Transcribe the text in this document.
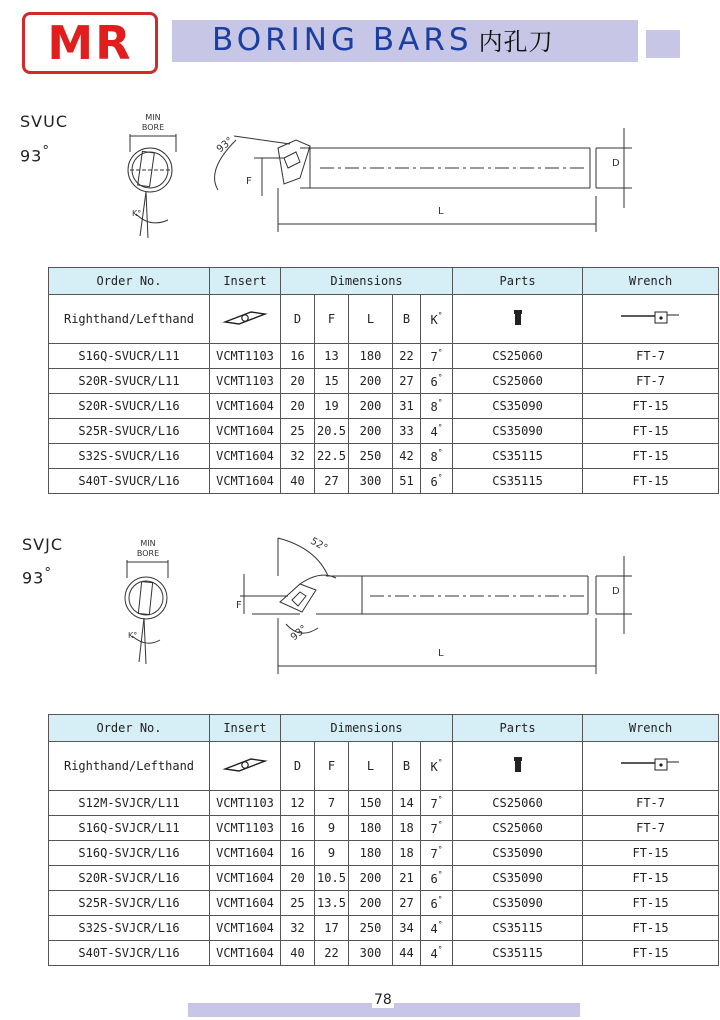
MR	BORING BARS 内孔刀
SVUC
93°
MIN
BORE
K°
93°
D
F
L
Order No.	Insert	Dimensions					Parts	Wrench
Righthand/Lefthand		D	F	L	B	K°		
S16Q-SVUCR/L11	VCMT1103	16	13	180	22	7°	CS25060	FT-7
S20R-SVUCR/L11	VCMT1103	20	15	200	27	6°	CS25060	FT-7
S20R-SVUCR/L16	VCMT1604	20	19	200	31	8°	CS35090	FT-15
S25R-SVUCR/L16	VCMT1604	25	20.5	200	33	4°	CS35090	FT-15
S32S-SVUCR/L16	VCMT1604	32	22.5	250	42	8°	CS35115	FT-15
S40T-SVUCR/L16	VCMT1604	40	27	300	51	6°	CS35115	FT-15
SVJC
93°
MIN
BORE
K°
52°
93°
D
F
L
Order No.	Insert	Dimensions					Parts	Wrench
Righthand/Lefthand		D	F	L	B	K°		
S12M-SVJCR/L11	VCMT1103	12	7	150	14	7°	CS25060	FT-7
S16Q-SVJCR/L11	VCMT1103	16	9	180	18	7°	CS25060	FT-7
S16Q-SVJCR/L16	VCMT1604	16	9	180	18	7°	CS35090	FT-15
S20R-SVJCR/L16	VCMT1604	20	10.5	200	21	6°	CS35090	FT-15
S25R-SVJCR/L16	VCMT1604	25	13.5	200	27	6°	CS35090	FT-15
S32S-SVJCR/L16	VCMT1604	32	17	250	34	4°	CS35115	FT-15
S40T-SVJCR/L16	VCMT1604	40	22	300	44	4°	CS35115	FT-15
78
